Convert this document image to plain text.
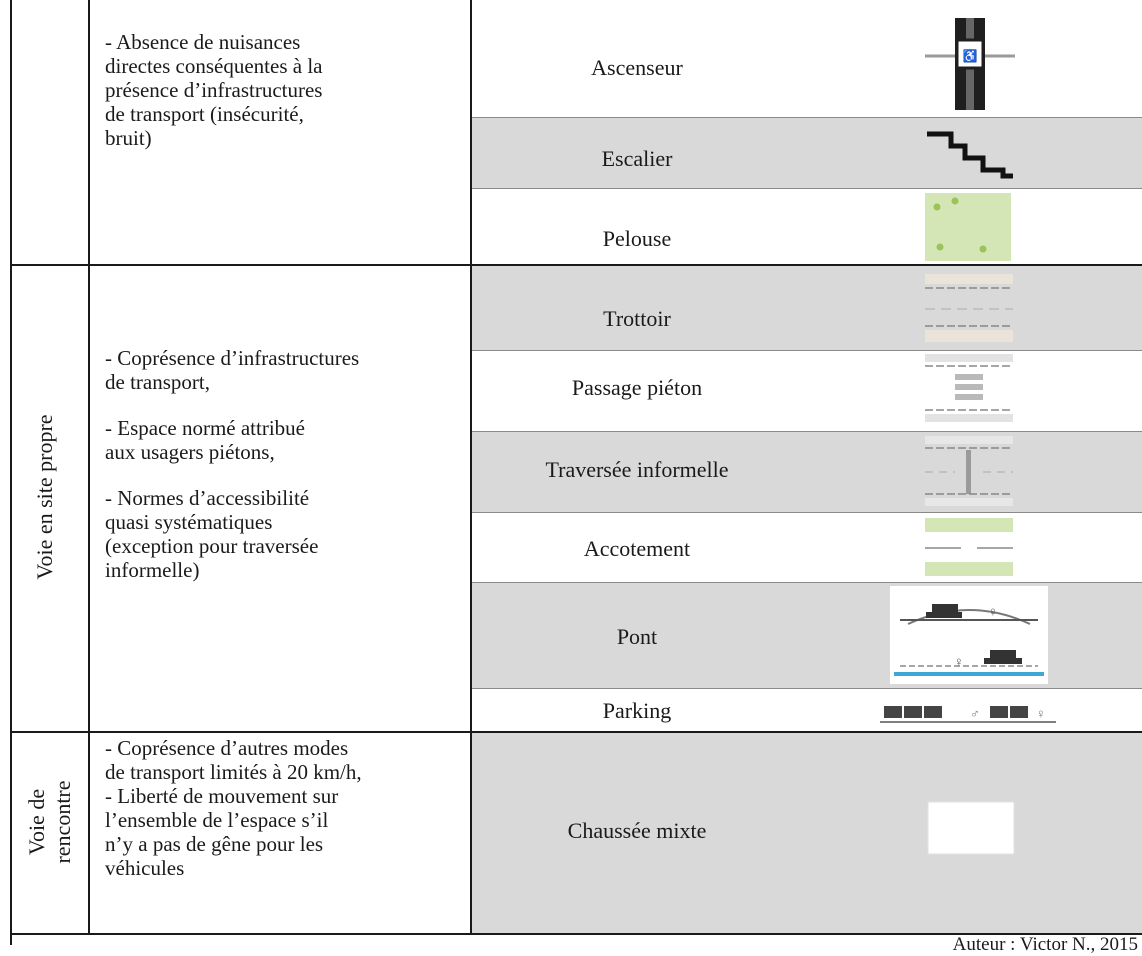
- Absence de nuisances
directes conséquentes à la
présence d’infrastructures
de transport (insécurité,
bruit)
Ascenseur
Escalier
Pelouse
♿
Voie en site propre
- Coprésence d’infrastructures
de transport,
- Espace normé attribué
aux usagers piétons,
- Normes d’accessibilité
quasi systématiques
(exception pour traversée
informelle)
Trottoir
Passage piéton
Traversée informelle
Accotement
Pont
Parking
♀
♀
♂	♀
Voie de rencontre
- Coprésence d’autres modes
de transport limités à 20 km/h,
- Liberté de mouvement sur
l’ensemble de l’espace s’il
n’y a pas de gêne pour les
véhicules
Chaussée mixte
Auteur : Victor N., 2015
